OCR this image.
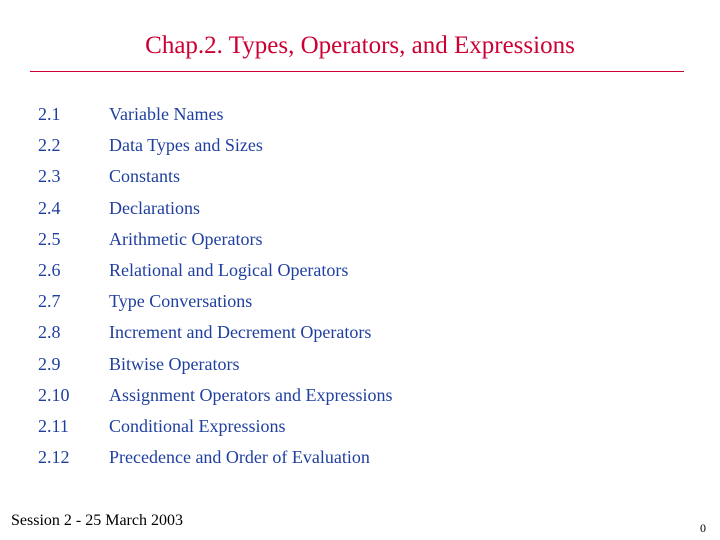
Chap.2. Types, Operators, and Expressions
2.1	Variable Names
2.2	Data Types and Sizes
2.3	Constants
2.4	Declarations
2.5	Arithmetic Operators
2.6	Relational and Logical Operators
2.7	Type Conversations
2.8	Increment and Decrement Operators
2.9	Bitwise Operators
2.10	Assignment Operators and Expressions
2.11	Conditional Expressions
2.12	Precedence and Order of Evaluation
Session 2 - 25 March 2003	0
